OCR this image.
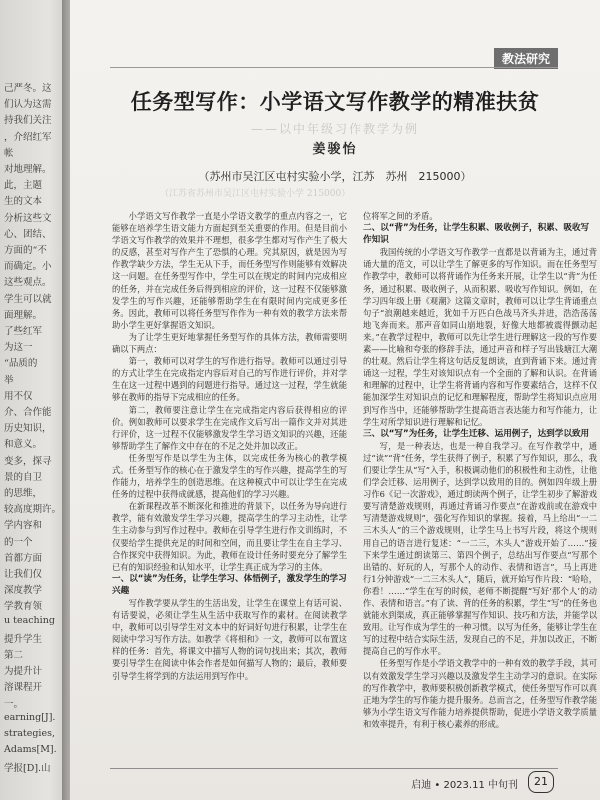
己严冬。这
们认为这需
持我们关注
，介绍红军
帐
对地理解。
此，主题
生的文本
分析这些文
心、团结、
方面的“不
而确定。小
这些观点。
学生可以就
面理解。
了些红军
为这一
“品质的
举
用不仅
介、合作能
历史知识，
和意义。
变多，探寻
景的自卫
的思维，
较高度期许。
学内容和
的一个
首都方面
让我们仅
深度教学
学教育领
u teaching
提升学生
第二
为提升计
溶课程开
一。
earning[J].
strategies,
Adams[M].
学报[D].山
教法研究
任务型写作：小学语文写作教学的精准扶贫
——以中年级习作教学为例
姜骏怡
（苏州市吴江区屯村实验小学，江苏　苏州　215000）
（江苏省苏州市吴江区屯村实验小学 215000）

小学语文写作教学一直是小学语文教学的重点内容之一，它能够在培养学生语文能力方面起到至关重要的作用。但是目前小学语文写作教学的效果并不理想，很多学生都对写作产生了极大的反感，甚至对写作产生了恐惧的心理。究其原因，就是因为写作教学缺少方法，学生无从下手，而任务型写作则能够有效解决这一问题。在任务型写作中，学生可以在规定的时间内完成相应的任务，并在完成任务后得到相应的评价，这一过程不仅能够激发学生的写作兴趣，还能够帮助学生在有限时间内完成更多任务。因此，教师可以将任务型写作作为一种有效的教学方法来帮助小学生更好掌握语文知识。

为了让学生更好地掌握任务型写作的具体方法，教师需要明确以下两点：

第一，教师可以对学生的写作进行指导。教师可以通过引导的方式让学生在完成指定内容后对自己的写作进行评价，并对学生在这一过程中遇到的问题进行指导。通过这一过程，学生就能够在教师的指导下完成相应的任务。

第二，教师要注意让学生在完成指定内容后获得相应的评价。例如教师可以要求学生在完成作文后写出一篇作文并对其进行评价，这一过程不仅能够激发学生学习语文知识的兴趣，还能够帮助学生了解作文中存在的不足之处并加以改正。

任务型写作是以学生为主体，以完成任务为核心的教学模式。任务型写作的核心在于激发学生的写作兴趣，提高学生的写作能力，培养学生的创造思维。在这种模式中可以让学生在完成任务的过程中获得成就感，提高他们的学习兴趣。

在新课程改革不断深化和推进的背景下，以任务为导向进行教学，能有效激发学生学习兴趣，提高学生的学习主动性，让学生主动参与到写作过程中。教师在引导学生进行作文训练时，不仅要给学生提供充足的时间和空间，而且要让学生在自主学习、合作探究中获得知识。为此，教师在设计任务时要充分了解学生已有的知识经验和认知水平，让学生真正成为学习的主体。

一、以“读”为任务，让学生学习、体悟例子，激发学生的学习兴趣

写作教学要从学生的生活出发，让学生在课堂上有话可说、有话要说，必须让学生从生活中获取写作的素材。在阅读教学中，教师可以引导学生对文本中的好词好句进行积累，让学生在阅读中学习写作方法。如教学《将相和》一文，教师可以布置这样的任务：首先，将课文中描写人物的词句找出来；其次，教师要引导学生在阅读中体会作者是如何描写人物的；最后，教师要引导学生将学到的方法运用到写作中。

位将军之间的矛盾。

二、以“背”为任务，让学生积累、吸收例子，积累、吸收写作知识

我国传统的小学语文写作教学一直都是以背诵为主，通过背诵大量的范文，可以让学生了解更多的写作知识。而在任务型写作教学中，教师可以将背诵作为任务来开展，让学生以“背”为任务，通过积累、吸收例子，从而积累、吸收写作知识。例如，在学习四年级上册《观潮》这篇文章时，教师可以让学生背诵重点句子“浪潮越来越近，犹如千万匹白色战马齐头并进，浩浩荡荡地飞奔而来。那声音如同山崩地裂，好像大地都被震得颤动起来。”在教学过程中，教师可以先让学生进行理解这一段的写作要素——比喻和夸张的修辞手法，通过声音和样子写出钱塘江大潮的壮观。然后让学生将这句话反复朗读，直到背诵下来。通过背诵这一过程，学生对该知识点有一个全面的了解和认识。在背诵和理解的过程中，让学生将背诵内容和写作要素结合，这样不仅能加深学生对知识点的记忆和理解程度，帮助学生将知识点应用到写作当中，还能够帮助学生提高语言表达能力和写作能力，让学生对所学知识进行理解和记忆。

三、以“写”为任务，让学生迁移、运用例子，达到学以致用

写，是一种表达，也是一种自我学习。在写作教学中，通过“读”“背”任务，学生获得了例子，积累了写作知识，那么，我们要让学生从“写”入手，积极调动他们的积极性和主动性，让他们学会迁移、运用例子，达到学以致用的目的。例如四年级上册习作6《记一次游戏》，通过朗读两个例子，让学生初步了解游戏要写清楚游戏规则，再通过背诵习作要点“在游戏前或在游戏中写清楚游戏规则”，强化写作知识的掌握。接着，马上给出“一二三木头人”的三个游戏规则，让学生马上书写片段，将这个规则用自己的语言进行复述：“一二三，木头人”游戏开始了……”接下来学生通过朗读第三、第四个例子，总结出写作要点“写那个出错的、好玩的人，写那个人的动作、表情和语言”，马上再进行1分钟游戏“一二三木头人”，随后，就开始写作片段：“哈哈，你看！……”学生在写的时候，老师不断提醒“写好‘那个人’的动作、表情和语言。”有了读、背的任务的积累，学生“写”的任务也就能水到渠成，真正能够掌握写作知识、技巧和方法，并能学以致用。让写作成为学生的一种习惯。以写为任务，能够让学生在写的过程中结合实际生活，发现自己的不足，并加以改正，不断提高自己的写作水平。

任务型写作是小学语文教学中的一种有效的教学手段，其可以有效激发学生学习兴趣以及激发学生主动学习的意识。在实际的写作教学中，教师要积极创新教学模式，使任务型写作可以真正地为学生的写作能力提升服务。总而言之，任务型写作教学能够为小学生语文写作能力培养提供帮助，促进小学语文教学质量和效率提升，有利于核心素养的形成。

启迪 • 2023.11 中旬刊	21
